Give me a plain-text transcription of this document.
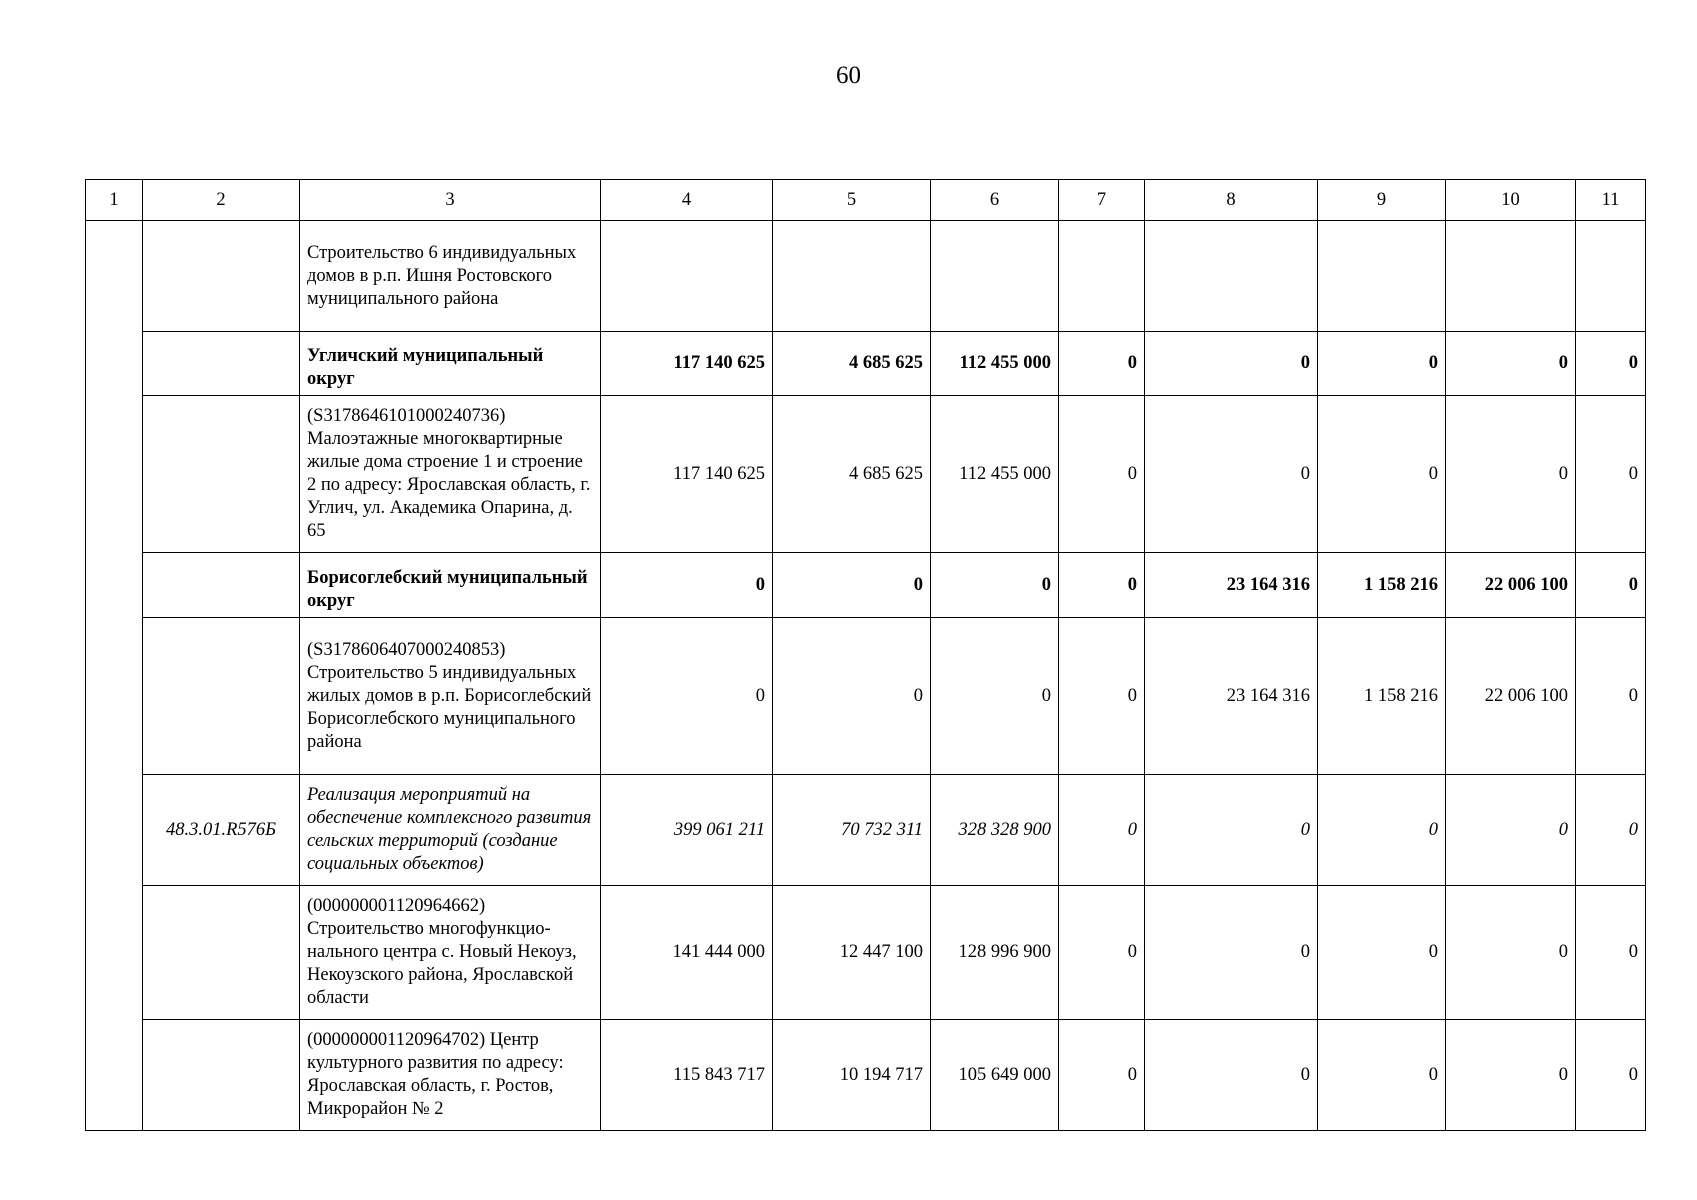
60
1	2	3	4	5	6	7	8	9	10	11
		Строительство 6 индивидуальных домов в р.п. Ишня Ростовского муниципального района								
		Угличский муниципальный округ	117 140 625	4 685 625	112 455 000	0	0	0	0	0
		(S3178646101000240736) Малоэтажные многоквартирные жилые дома строение 1 и строение 2 по адресу: Ярославская область, г. Углич, ул. Академика Опарина, д. 65	117 140 625	4 685 625	112 455 000	0	0	0	0	0
		Борисоглебский муниципальный округ	0	0	0	0	23 164 316	1 158 216	22 006 100	0
		(S3178606407000240853) Строительство 5 индивидуальных жилых домов в р.п. Борисоглебский Борисоглебского муниципального района	0	0	0	0	23 164 316	1 158 216	22 006 100	0
	48.3.01.R576Б	Реализация мероприятий на обеспечение комплексного развития сельских территорий (создание социальных объектов)	399 061 211	70 732 311	328 328 900	0	0	0	0	0
		(000000001120964662) Строительство многофункцио-нального центра с. Новый Некоуз, Некоузского района, Ярославской области	141 444 000	12 447 100	128 996 900	0	0	0	0	0
		(000000001120964702) Центр культурного развития по адресу: Ярославская область, г. Ростов, Микрорайон № 2	115 843 717	10 194 717	105 649 000	0	0	0	0	0
